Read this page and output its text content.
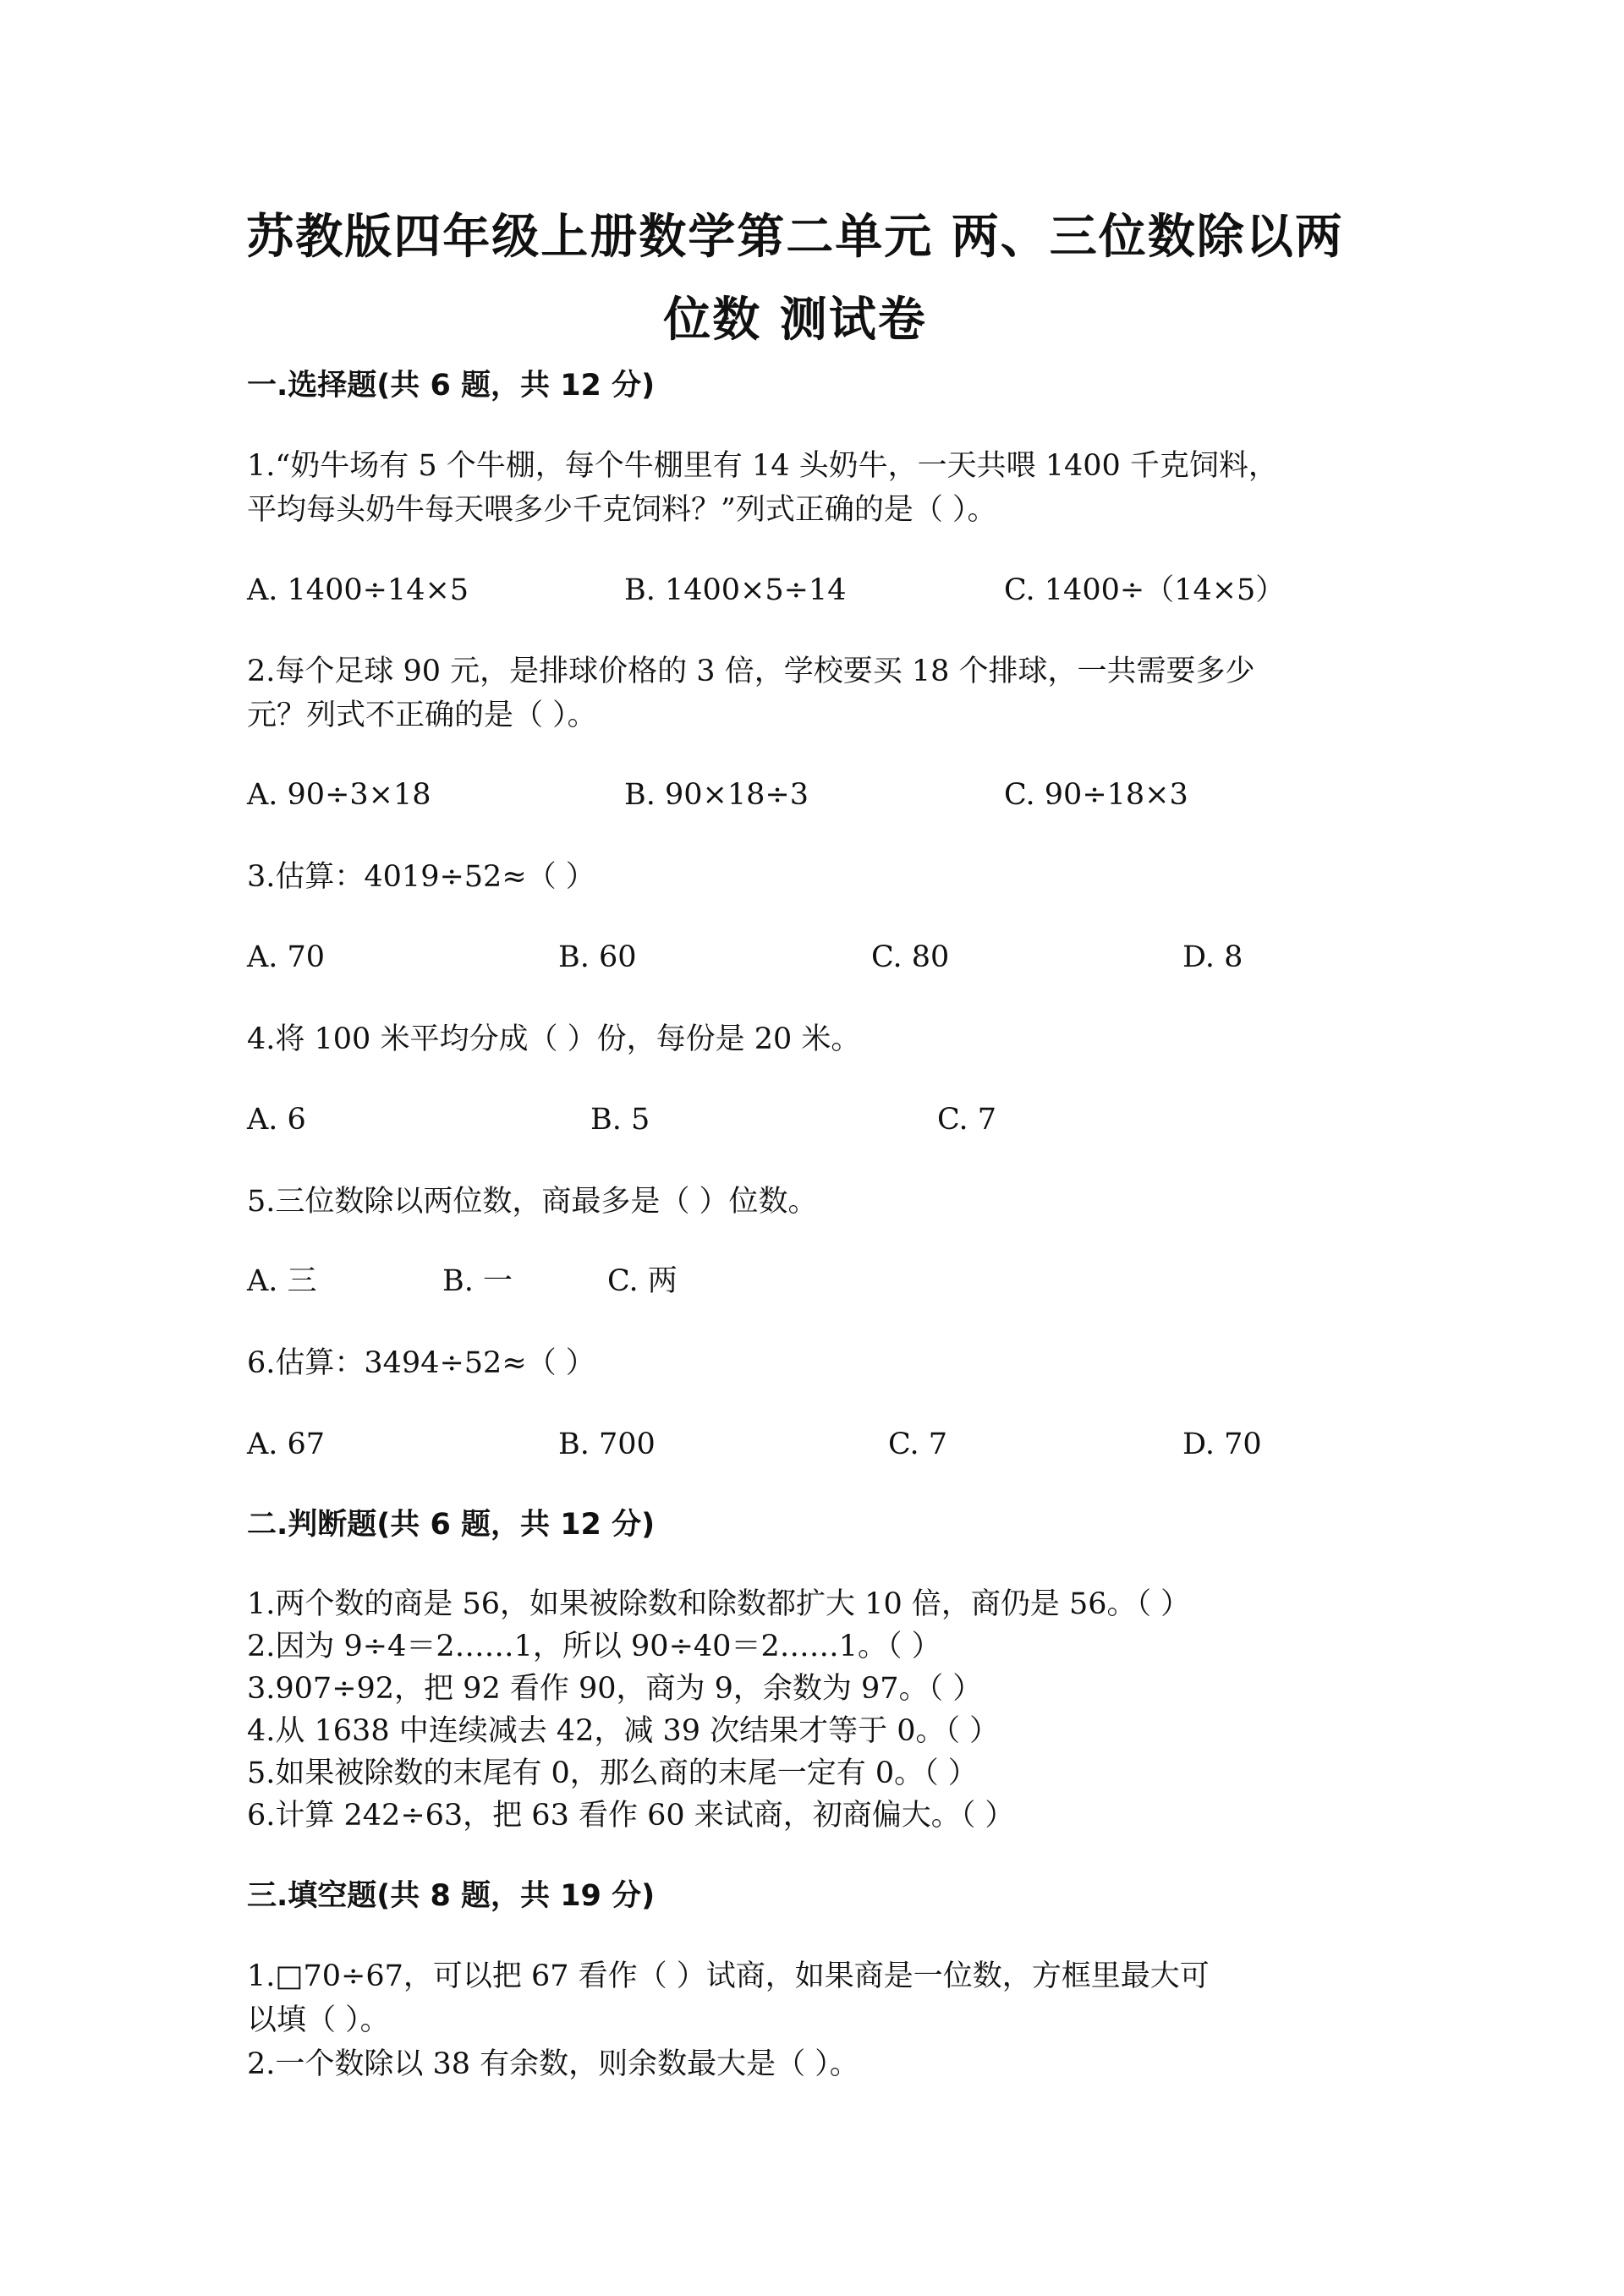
苏教版四年级上册数学第二单元 两、三位数除以两
位数 测试卷
一.选择题(共 6 题，共 12 分)
1.“奶牛场有 5 个牛棚，每个牛棚里有 14 头奶牛，一天共喂 1400 千克饲料，
平均每头奶牛每天喂多少千克饲料？”列式正确的是（ ）。
A. 1400÷14×5	B. 1400×5÷14	C. 1400÷（14×5）
2.每个足球 90 元，是排球价格的 3 倍，学校要买 18 个排球，一共需要多少
元？列式不正确的是（ ）。
A. 90÷3×18	B. 90×18÷3	C. 90÷18×3
3.估算：4019÷52≈（ ）
A. 70	B. 60	C. 80	D. 8
4.将 100 米平均分成（ ）份，每份是 20 米。
A. 6	B. 5	C. 7
5.三位数除以两位数，商最多是（ ）位数。
A. 三	B. 一	C. 两
6.估算：3494÷52≈（ ）
A. 67	B. 700	C. 7	D. 70
二.判断题(共 6 题，共 12 分)
1.两个数的商是 56，如果被除数和除数都扩大 10 倍，商仍是 56。（ ）
2.因为 9÷4＝2……1，所以 90÷40＝2……1。（ ）
3.907÷92，把 92 看作 90，商为 9，余数为 97。（ ）
4.从 1638 中连续减去 42，减 39 次结果才等于 0。（ ）
5.如果被除数的末尾有 0，那么商的末尾一定有 0。（ ）
6.计算 242÷63，把 63 看作 60 来试商，初商偏大。（ ）
三.填空题(共 8 题，共 19 分)
1.□70÷67，可以把 67 看作（ ）试商，如果商是一位数，方框里最大可
以填（ ）。
2.一个数除以 38 有余数，则余数最大是（ ）。
